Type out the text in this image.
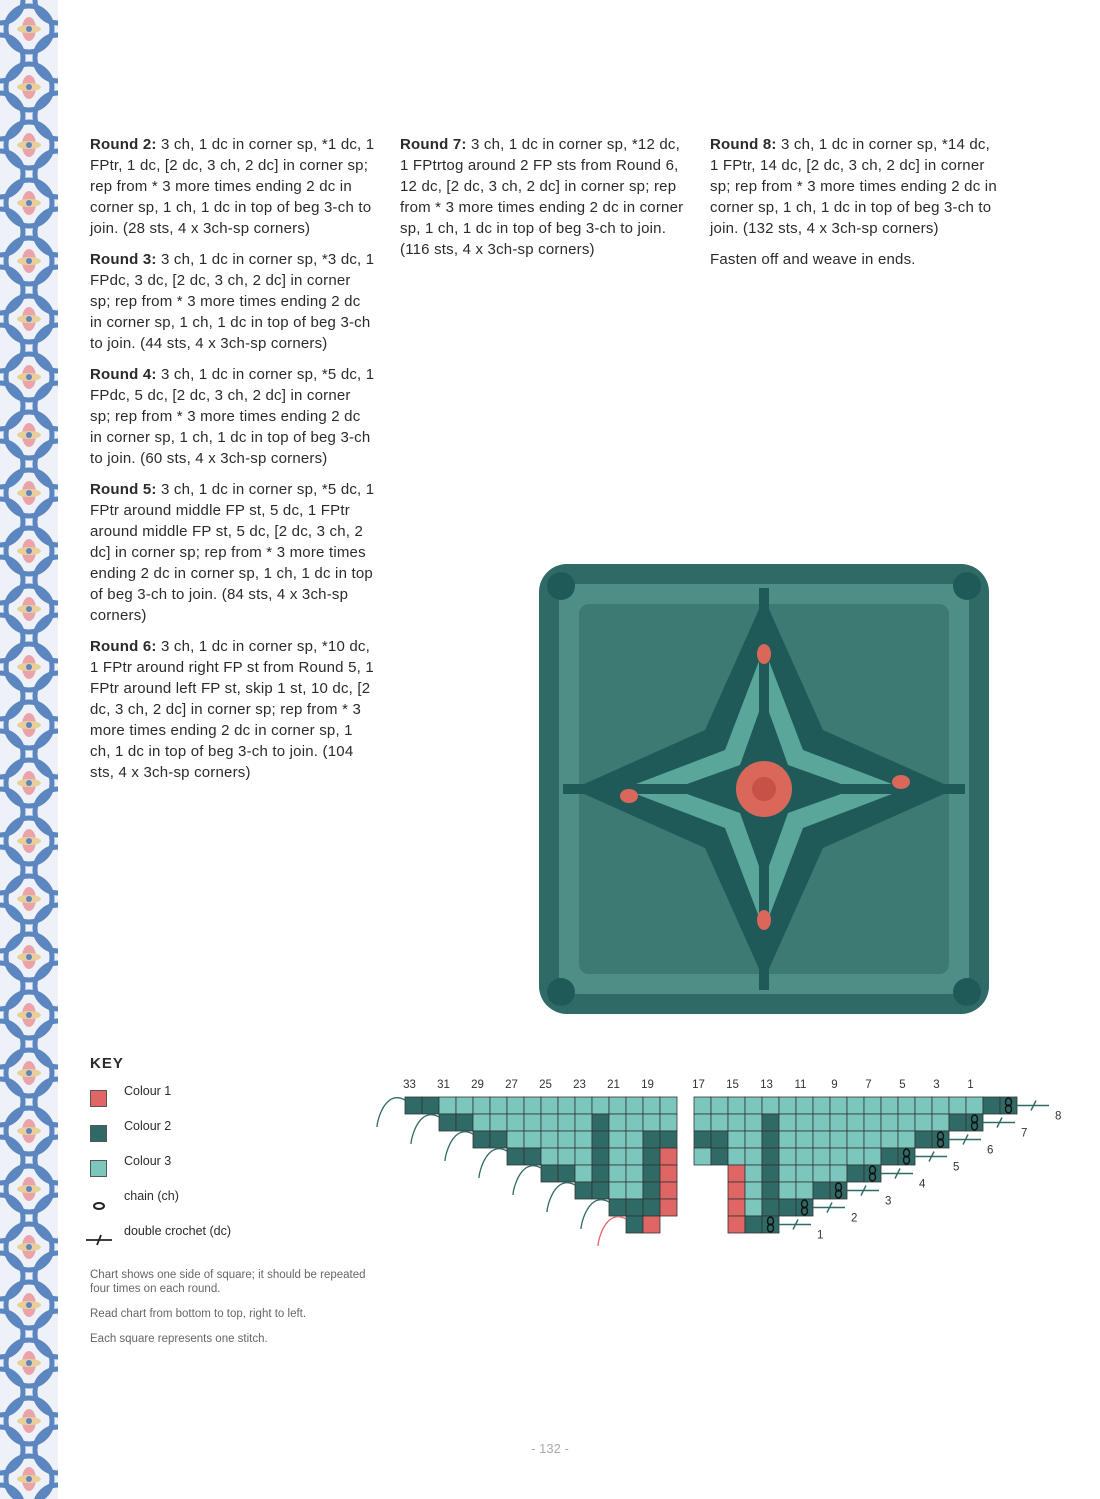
Round 2: 3 ch, 1 dc in corner sp, *1 dc, 1 FPtr, 1 dc, [2 dc, 3 ch, 2 dc] in corner sp; rep from * 3 more times ending 2 dc in corner sp, 1 ch, 1 dc in top of beg 3-ch to join. (28 sts, 4 x 3ch-sp corners)

Round 3: 3 ch, 1 dc in corner sp, *3 dc, 1 FPdc, 3 dc, [2 dc, 3 ch, 2 dc] in corner sp; rep from * 3 more times ending 2 dc in corner sp, 1 ch, 1 dc in top of beg 3-ch to join. (44 sts, 4 x 3ch-sp corners)

Round 4: 3 ch, 1 dc in corner sp, *5 dc, 1 FPdc, 5 dc, [2 dc, 3 ch, 2 dc] in corner sp; rep from * 3 more times ending 2 dc in corner sp, 1 ch, 1 dc in top of beg 3-ch to join. (60 sts, 4 x 3ch-sp corners)

Round 5: 3 ch, 1 dc in corner sp, *5 dc, 1 FPtr around middle FP st, 5 dc, 1 FPtr around middle FP st, 5 dc, [2 dc, 3 ch, 2 dc] in corner sp; rep from * 3 more times ending 2 dc in corner sp, 1 ch, 1 dc in top of beg 3-ch to join. (84 sts, 4 x 3ch-sp corners)

Round 6: 3 ch, 1 dc in corner sp, *10 dc, 1 FPtr around right FP st from Round 5, 1 FPtr around left FP st, skip 1 st, 10 dc, [2 dc, 3 ch, 2 dc] in corner sp; rep from * 3 more times ending 2 dc in corner sp, 1 ch, 1 dc in top of beg 3-ch to join. (104 sts, 4 x 3ch-sp corners)

Round 7: 3 ch, 1 dc in corner sp, *12 dc, 1 FPtrtog around 2 FP sts from Round 6, 12 dc, [2 dc, 3 ch, 2 dc] in corner sp; rep from * 3 more times ending 2 dc in corner sp, 1 ch, 1 dc in top of beg 3-ch to join. (116 sts, 4 x 3ch-sp corners)

Round 8: 3 ch, 1 dc in corner sp, *14 dc, 1 FPtr, 14 dc, [2 dc, 3 ch, 2 dc] in corner sp; rep from * 3 more times ending 2 dc in corner sp, 1 ch, 1 dc in top of beg 3-ch to join. (132 sts, 4 x 3ch-sp corners)

Fasten off and weave in ends.

KEY
Colour 1
Colour 2
Colour 3
chain (ch)
double crochet (dc)

Chart shows one side of square; it should be repeated four times on each round.

Read chart from bottom to top, right to left.

Each square represents one stitch.

33 31 29 27 25 23 21 19	17 15 13 11 9 7 5 3 1
8
7
6
5
4
3
2
1
- 132 -
